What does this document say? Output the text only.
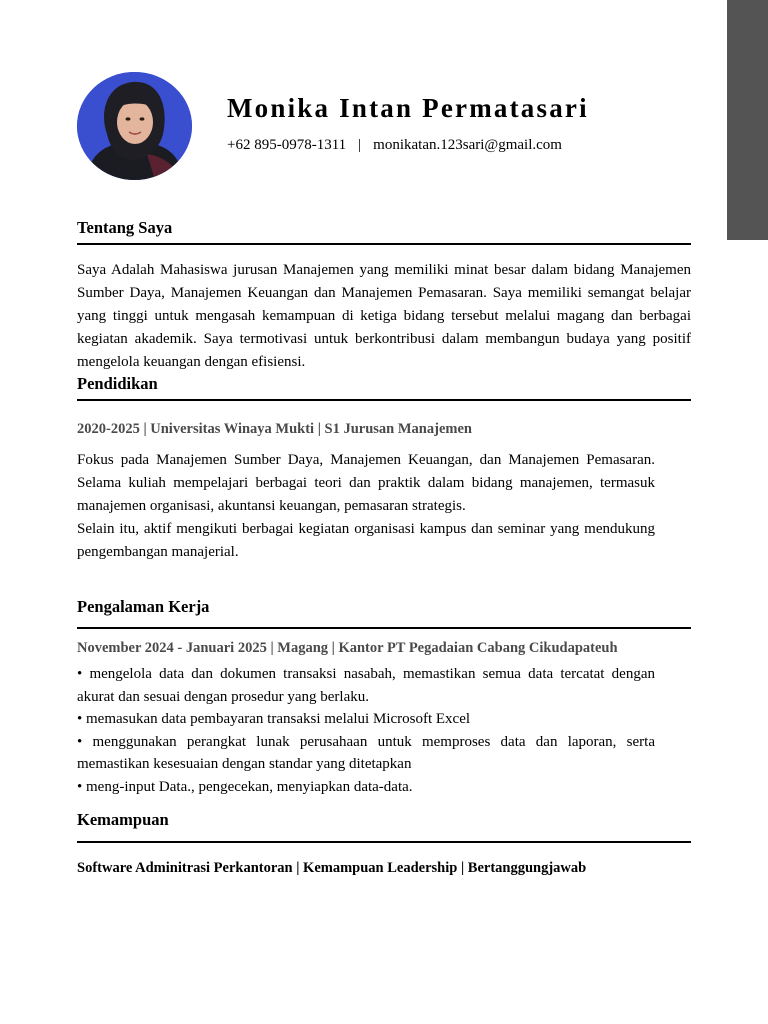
Monika Intan Permatasari
+62 895-0978-1311 | monikatan.123sari@gmail.com
Tentang Saya
Saya Adalah Mahasiswa jurusan Manajemen yang memiliki minat besar dalam bidang Manajemen Sumber Daya, Manajemen Keuangan dan Manajemen Pemasaran. Saya memiliki semangat belajar yang tinggi untuk mengasah kemampuan di ketiga bidang tersebut melalui magang dan berbagai kegiatan akademik. Saya termotivasi untuk berkontribusi dalam membangun budaya yang positif mengelola keuangan dengan efisiensi.
Pendidikan
2020-2025 | Universitas Winaya Mukti | S1 Jurusan Manajemen
Fokus pada Manajemen Sumber Daya, Manajemen Keuangan, dan Manajemen Pemasaran. Selama kuliah mempelajari berbagai teori dan praktik dalam bidang manajemen, termasuk manajemen organisasi, akuntansi keuangan, pemasaran strategis.
Selain itu, aktif mengikuti berbagai kegiatan organisasi kampus dan seminar yang mendukung pengembangan manajerial.
Pengalaman Kerja
November 2024 - Januari 2025 | Magang | Kantor PT Pegadaian Cabang Cikudapateuh
• mengelola data dan dokumen transaksi nasabah, memastikan semua data tercatat dengan akurat dan sesuai dengan prosedur yang berlaku.
• memasukan data pembayaran transaksi melalui Microsoft Excel
• menggunakan perangkat lunak perusahaan untuk memproses data dan laporan, serta memastikan kesesuaian dengan standar yang ditetapkan
• meng-input Data., pengecekan, menyiapkan data-data.
Kemampuan
Software Adminitrasi Perkantoran | Kemampuan Leadership | Bertanggungjawab
